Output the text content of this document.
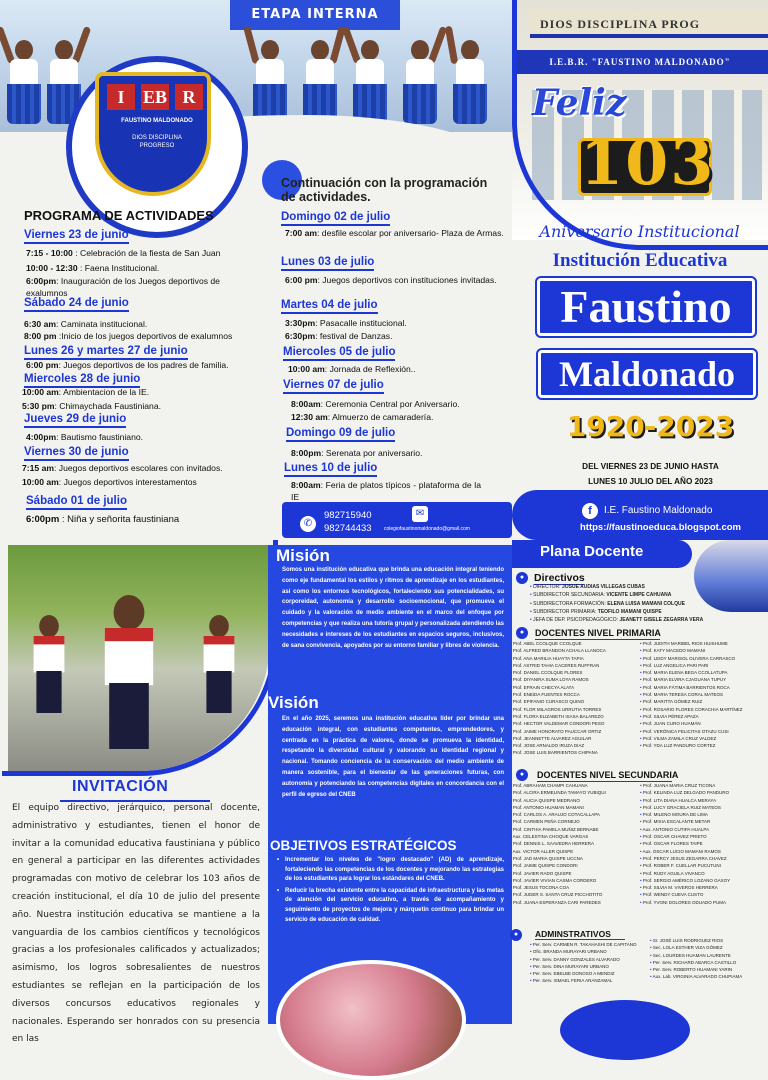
ETAPA INTERNA
I	EB R
FAUSTINO MALDONADO
DIOS DISCIPLINA PROGRESO
Continuación con la programación de actividades.
PROGRAMA DE ACTIVIDADES
Viernes 23 de junio
7:15 - 10:00 : Celebración de la fiesta de San Juan
10:00 - 12:30 : Faena Institucional.
6:00pm: Inauguración de los Juegos deportivos de exalumnos
Sábado 24 de junio
6:30 am: Caminata institucional.
8:00 pm :Inicio de los juegos deportivos de exalumnos
Lunes 26 y martes 27 de junio
6:00 pm: Juegos deportivos de los padres de familia.
Miercoles 28 de junio
10:00 am: Ambientacion de la IE.
5:30 pm: Chimaychada Faustiniana.
Jueves 29 de junio
4:00pm: Bautismo faustiniano.
Viernes 30 de junio
7:15 am: Juegos deportivos escolares con invitados.
10:00 am: Juegos deportivos interestamentos
Sábado 01 de julio
6:00pm : Niña y señorita faustiniana
Domingo 02 de julio
7:00 am: desfile escolar por aniversario- Plaza de Armas.
Lunes 03 de julio
6:00 pm: Juegos deportivos con instituciones invitadas.
Martes 04 de julio
3:30pm: Pasacalle institucional.
6:30pm: festival de Danzas.
Miercoles 05 de julio
10:00 am: Jornada de Reflexión..
Viernes 07 de julio
8:00am: Ceremonia Central por Aniversario.
12:30 am: Almuerzo de camaradería.
Domingo 09 de julio
8:00pm: Serenata por aniversario.
Lunes 10 de julio
8:00am: Feria de platos típicos - plataforma de la IE
DIOS DISCIPLINA PROG
I.E.B.R. "FAUSTINO MALDONADO"
Feliz
103
Aniversario Institucional
Institución Educativa
Faustino
Maldonado
1920-2023
DEL VIERNES 23 DE JUNIO HASTA
LUNES 10 JULIO DEL AÑO 2023
✆
982715940
982744433
✉
colegiofaustinomaldonado@gmail.com
f	I.E. Faustino Maldonado
https://faustinoeduca.blogspot.com
INVITACIÓN
El equipo directivo, jerárquico, personal docente, administrativo y estudiantes, tienen el honor de invitar a la comunidad educativa faustiniana y público en general a participar en las diferentes actividades programadas con motivo de celebrar los 103 años de creación institucional, el día 10 de julio del presente año. Nuestra institución educativa se mantiene a la vanguardia de los cambios científicos y tecnológicos gracias a los profesionales calificados y actualizados; asimismo, los logros sobresalientes de nuestros estudiantes se reflejan en la participación de los diversos concursos educativos regionales y nacionales. Esperando ser honrados con su presencia en las
Misión
Somos una institución educativa que brinda una educación integral teniendo como eje fundamental los estilos y ritmos de aprendizaje en los estudiantes, así como los entornos tecnológicos, fortaleciendo sus potencialidades, su corporeidad, autonomía y desarrollo socioemocional, que promueva el cuidado y la valoración de medio ambiente en el marco del enfoque por competencias y que realiza una tutoría grupal y personalizada atendiendo las necesidades e intereses de los estudiantes en espacios seguros, inclusivos, de sana convivencia, apoyados por su entorno familiar y libres de violencia.
Visión
En el año 2025, seremos una institución educativa líder por brindar una educación integral, con estudiantes competentes, emprendedores, y centrada en la práctica de valores, donde se promueva la identidad, respetando la diversidad cultural y valorando su identidad regional y nacional. Tomando conciencia de la conservación del medio ambiente de manera sostenible, para el bienestar de las generaciones futuras, con autonomía y potenciando las competencias digitales en concordancia con el perfil de egreso del CNEB
OBJETIVOS ESTRATÉGICOS
• Incrementar los niveles de "logro destacado" (AD) de aprendizaje, fortaleciendo las competencias de los docentes y mejorando las estrategias de los estudiantes para lograr los estándares del CNEB.
• Reducir la brecha existente entre la capacidad de infraestructura y las metas de atención del servicio educativo, a través de acompañamiento y seguimiento de proyectos de mejora y márquetin continuo para brindar un servicio de educación de calidad.
Plana Docente
● Directivos
• DIRECTOR: JOSUE AUDIAS VILLEGAS CUBAS
• SUBDIRECTOR SECUNDARIA: VICENTE LIMPE CAHUANA
• SUBDIRECTORA FORMACIÓN: ELENA LUISA MAMANI COLQUE
• SUBDIRECTOR PRIMARIA: TEOFILO MAMANI QUISPE
• JEFA DE DEP. PSICOPEDAGÓGICO: JEANETT GISELE ZEGARRA VERA
●	DOCENTES NIVEL PRIMARIA
• Prof. ABEL CCOLQUE CCOLQUE
• Prof. ALFRED BRANDON ACHALA LLANOCA
• Prof. ANA MARILIA HUAYTA TAPIA
• Prof. ASTRID TAHIA CACERES RUFFRAN
• Prof. DANIEL CCOLQUE FLORES
• Prof. DIYANIRA SUMA LOYA RAMOS
• Prof. EFRAIN CHECYA ALATA
• Prof. ENEIDA FUENTES ROCCA
• Prof. EPIFANIO CURASCO QUINO
• Prof. FLOR MILAGROS URRUTIA TORRES
• Prof. FLORA ELIZABETH ISASA BALAREZO
• Prof. HECTOR VALDEMAR CONDORI PESO
• Prof. JAIME HONORATO PAUCCAR ORTIZ
• Prof. JEANNETTE ALVAREZ AGUILAR
• Prof. JOSE ARNALDO IRUZA DIAZ
• Prof. JOSE LUIS BARRIENTOS CHIPANA
• Prof. JUDITH MARIBEL RIOS HUISHUME
• Prof. KATY MACEDO MAMANI
• Prof. LEIDY MARISOL OLIVERA CARRASCO
• Prof. LUZ ANGELICA PARI PARI
• Prof. MARIA ELENA BEGA CCOLLATUPA
• Prof. MARIA ELVIRA CJAGUANA TUPUY
• Prof. MARIA FÁTIMA BARRIENTOS ROCA
• Prof. MARIA TERESA CORAL MATEOS
• Prof. MARITTA GÓMEZ RUIZ
• Prof. ROSARIO FLORES CORACHIA MARTÍNEZ
• Prof. SILVIA PÉREZ APAZA
• Prof. JUAN CURO HUAMÁN
• Prof. VERÓNICA FELICITAS OTAZU CUSI
• Prof. VILMA ZAMILA CRUZ VALDEZ
• Prof. YDA LUZ PANDURO CORTEZ
●	DOCENTES NIVEL SECUNDARIA
• Prof. ABRAHAM CHAMPI CAHUANA
• Prof. ALCIRA ERMELINDA TAMAYO YUBIQUI
• Prof. ALICIA QUISPE MEDRANO
• Prof. ANTONIO HUAMAN MAMANI
• Prof. CARLOS A. ARAUJO COTACALLAPA
• Prof. CARMEN PEÑA CORNEJO
• Prof. CINTHIA PAMELA MUÑIZ BERNABE
• Aux. CELESTINA CHOQUE VARGAS
• Prof. DENNIS L. SAAVEDRA HERRERA
• Aux. VICTOR ALLER QUISPE
• Prof. JAD MARIA QUISPE UCCNA
• Prof. JAIME QUISPE CONDORI
• Prof. JAVIER RADO QUISPE
• Prof. JAVIER VIVIAN CASMA CORDERO
• Prof. JESUS TOCONA COA
• Prof. JUDER S. SANTA CRUZ PICCHOTITO
• Prof. JUANA ESPERANZA CARI PAREDES
• Prof. JUANA MARIA CRUZ TICONA
• Prof. KELINDA LUZ DELGADO PANDURO
• Prof. LITA DIANA HUALCA MERAYA
• Prof. LUCY GRACIELA RUIZ MATEOS
• Prof. MILENO MOURA DE LIMA
• Prof. MIXIA ESCALANTE METAR
• Aux. ANTONIO CUTIPA HUALPA
• Prof. OSCAR CHAVEZ PRIETO
• Prof. OSCAR FLORES TAIPE
• Aux. OSCAR LUCIO MAMANI RAMOS
• Prof. PERCY JESUS ZEGARRA CHAVEZ
• Prof. ROBER F. CUELLAR PUCUTUNI
• Prof. RUDY AGUILA VIVANCO
• Prof. SERGIO AMÉRICO LOZANO GAXOY
• Prof. SILVIA M. VIVEROS HERRERA
• Prof. WENDY CUEVA CUSTO
• Prof. YVONI DOLORES ODUADO PUMA
●	ADMINSTRATIVOS
• Per. Serv. CARMEN R. TAKAHASHI DE CAPITANO
• Ofic. BRANDA MURAYARI URBANO
• Per. Serv. DANNY GONZALES ALVARADO
• Per. Serv. DINA MURAYARI URBANO
• Per. Serv. EBELBE DONOSO A MENDIZ
• Per. Serv. ISMAEL FERIA ARANZAMAL
• Sr. JOSÉ LUIS RODRIGUEZ RIOS
• Sec. LOLA ESTHER VIZA GÓMEZ
• Sec. LOURDES HUAMAN LAURENTE
• Per. Serv. RICHARD ABARCA CASTILLO
• Per. Serv. ROBERTO HUAMANI YARIN
• Aux. Lab. VIRGINIA ALVARADO CHUPIAMA
